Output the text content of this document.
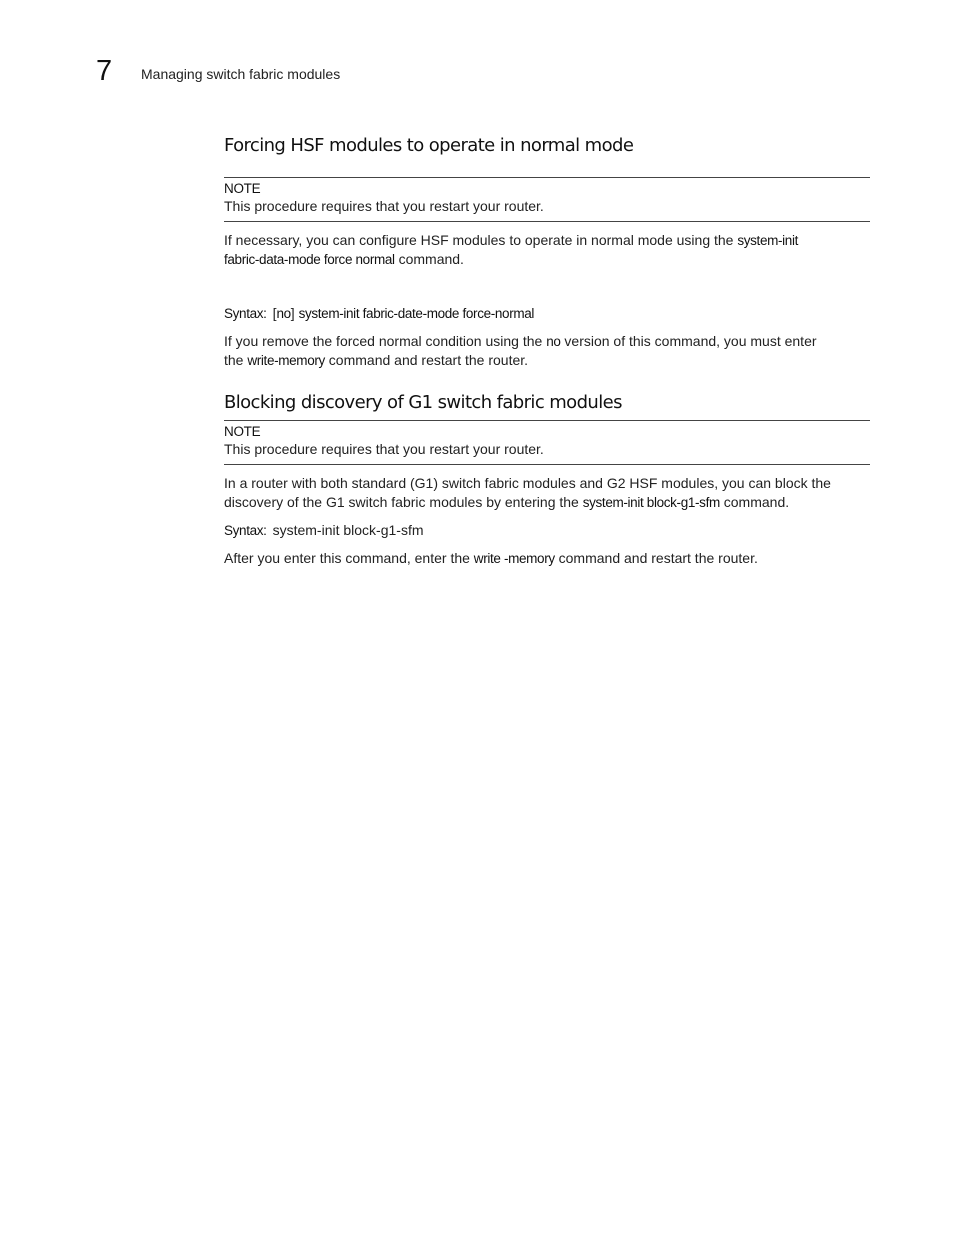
7 Managing switch fabric modules
Forcing HSF modules to operate in normal mode
NOTE
This procedure requires that you restart your router.
If necessary, you can configure HSF modules to operate in normal mode using the system-init
fabric-data-mode force normal command.
Syntax: [no] system-init fabric-date-mode force-normal
If you remove the forced normal condition using the no version of this command, you must enter
the write-memory command and restart the router.
Blocking discovery of G1 switch fabric modules
NOTE
This procedure requires that you restart your router.
In a router with both standard (G1) switch fabric modules and G2 HSF modules, you can block the
discovery of the G1 switch fabric modules by entering the system-init block-g1-sfm command.
Syntax: system-init block-g1-sfm
After you enter this command, enter the write -memory command and restart the router.
